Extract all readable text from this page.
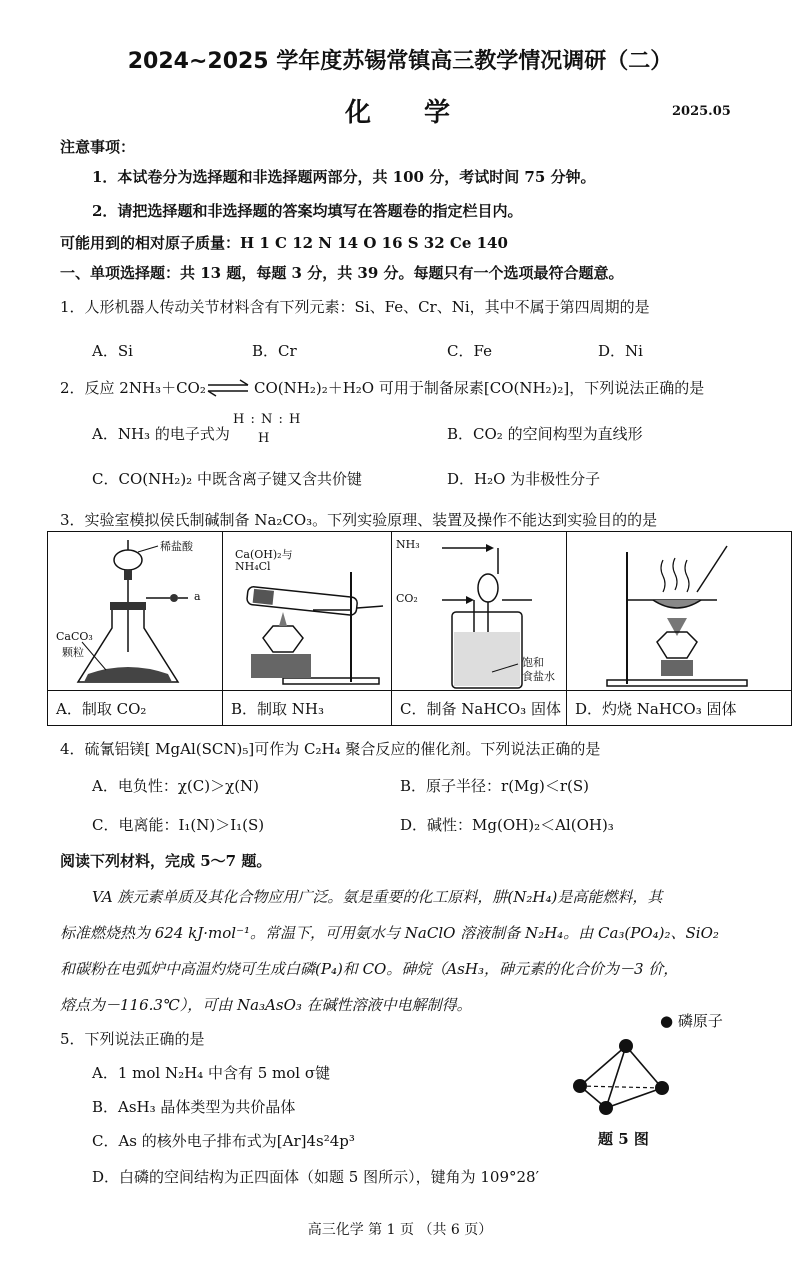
2024~2025 学年度苏锡常镇高三教学情况调研（二）
化 学	2025.05
注意事项：
1．本试卷分为选择题和非选择题两部分，共 100 分，考试时间 75 分钟。
2．请把选择题和非选择题的答案均填写在答题卷的指定栏目内。
可能用到的相对原子质量：H 1 C 12 N 14 O 16 S 32 Ce 140
一、单项选择题：共 13 题，每题 3 分，共 39 分。每题只有一个选项最符合题意。
1．人形机器人传动关节材料含有下列元素：Si、Fe、Cr、Ni，其中不属于第四周期的是
A．Si	B．Cr	C．Fe	D．Ni
2．反应 2NH₃＋CO₂ ⇌ CO(NH₂)₂＋H₂O 可用于制备尿素[CO(NH₂)₂]，下列说法正确的是
A．NH₃ 的电子式为
H : N : H
H	B．CO₂ 的空间构型为直线形
C．CO(NH₂)₂ 中既含离子键又含共价键	D．H₂O 为非极性分子
3．实验室模拟侯氏制碱制备 Na₂CO₃。下列实验原理、装置及操作不能达到实验目的的是
稀盐酸
a
CaCO₃
颗粒	Ca(OH)₂与
NH₄Cl	NH₃
CO₂
饱和
食盐水

A．制取 CO₂	B．制取 NH₃	C．制备 NaHCO₃ 固体	D．灼烧 NaHCO₃ 固体
4．硫氰铝镁[ MgAl(SCN)₅]可作为 C₂H₄ 聚合反应的催化剂。下列说法正确的是
A．电负性：χ(C)＞χ(N)	B．原子半径：r(Mg)＜r(S)
C．电离能：I₁(N)＞I₁(S)	D．碱性：Mg(OH)₂＜Al(OH)₃
阅读下列材料，完成 5～7 题。
VA 族元素单质及其化合物应用广泛。氨是重要的化工原料，肼(N₂H₄)是高能燃料，其
标准燃烧热为 624 kJ·mol⁻¹。常温下，可用氨水与 NaClO 溶液制备 N₂H₄。由 Ca₃(PO₄)₂、SiO₂
和碳粉在电弧炉中高温灼烧可生成白磷(P₄)和 CO。砷烷（AsH₃，砷元素的化合价为－3 价，
熔点为－116.3℃），可由 Na₃AsO₃ 在碱性溶液中电解制得。
5．下列说法正确的是
A．1 mol N₂H₄ 中含有 5 mol σ键
B．AsH₃ 晶体类型为共价晶体
C．As 的核外电子排布式为[Ar]4s²4p³
D．白磷的空间结构为正四面体（如题 5 图所示），键角为 109°28′
● 磷原子
题 5 图
高三化学 第 1 页 （共 6 页）
